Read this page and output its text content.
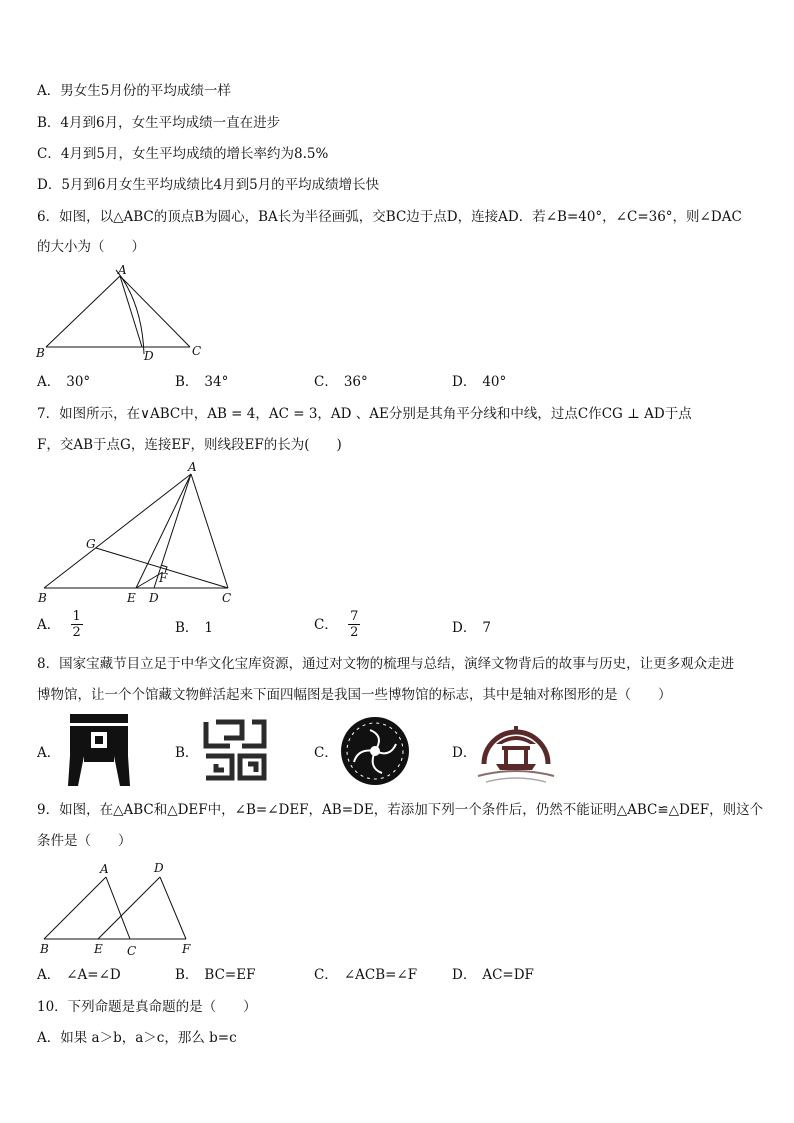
A．男女生5月份的平均成绩一样
B．4月到6月，女生平均成绩一直在进步
C．4月到5月，女生平均成绩的增长率约为8.5%
D．5月到6月女生平均成绩比4月到5月的平均成绩增长快
6．如图，以△ABC的顶点B为圆心，BA长为半径画弧，交BC边于点D，连接AD．若∠B=40°，∠C=36°，则∠DAC
的大小为（　　）
A
B	D	C
A． 30°	B． 34°	C． 36°	D． 40°
7．如图所示，在∨ABC中，AB = 4，AC = 3，AD 、AE分别是其角平分线和中线，过点C作CG ⊥ AD于点
F，交AB于点G，连接EF，则线段EF的长为(　　)
A
G
F
B	E D	C
A． $\frac{1}{2}$	B． 1	C． $\frac{7}{2}$	D． 7
8．国家宝藏节目立足于中华文化宝库资源，通过对文物的梳理与总结，演绎文物背后的故事与历史，让更多观众走进
博物馆，让一个个馆藏文物鲜活起来下面四幅图是我国一些博物馆的标志，其中是轴对称图形的是（　　）
A．	B．	C．	D．
9．如图，在△ABC和△DEF中，∠B=∠DEF，AB=DE，若添加下列一个条件后，仍然不能证明△ABC≌△DEF，则这个
条件是（　　）
A	D
B	E C	F
A． ∠A=∠D	B． BC=EF	C． ∠ACB=∠F	D． AC=DF
10．下列命题是真命题的是（　　）
A．如果 a＞b，a＞c，那么 b=c
